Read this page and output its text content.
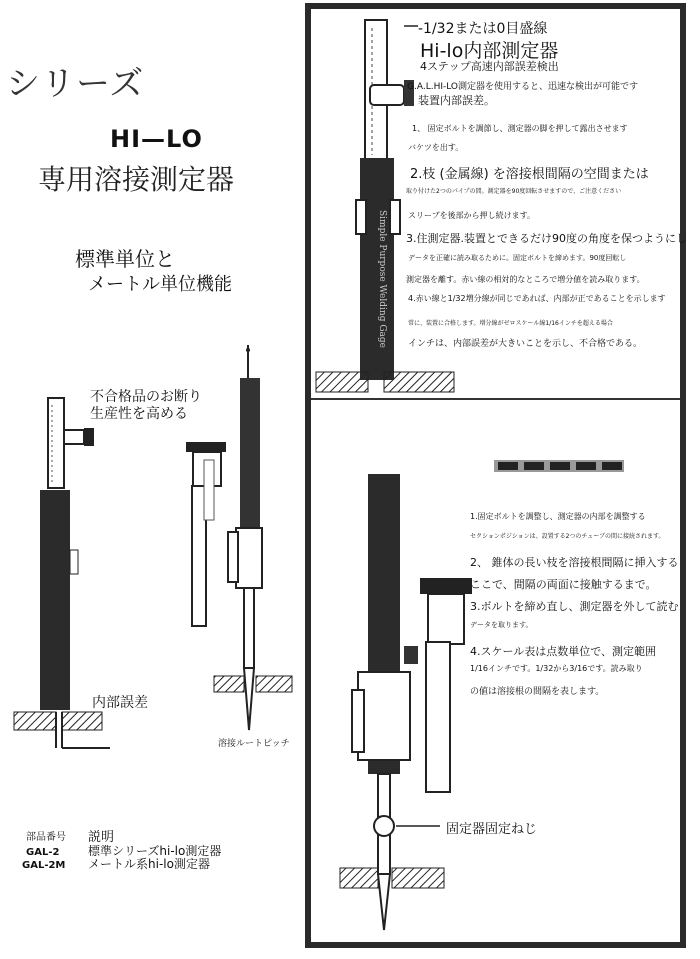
Simple Purpose Welding Gage
シリーズ
HI—LO
専用溶接測定器
標準単位と
メートル単位機能
不合格品のお断り
生産性を高める
内部誤差
溶接ルートピッチ
部品番号 説明
GAL-2 標準シリーズhi-lo測定器
GAL-2M メートル系hi-lo測定器
-1/32または0目盛線
Hi-lo内部測定器
4ステップ高速内部誤差検出
G.A.L.HI-LO測定器を使用すると、迅速な検出が可能です
装置内部誤差。
1、 固定ボルトを調節し、測定器の脚を押して露出させます
バケツを出す。
2.枝 (金属線) を溶接根間隔の空間または
取り付けた2つのパイプの間。測定器を90度回転させますので、ご注意ください
スリーブを後部から押し続けます。
3.住測定器.装置とできるだけ90度の角度を保つようにし
データを正確に読み取るために。固定ボルトを締めます。90度回転し
測定器を離す。赤い線の相対的なところで増分値を読み取ります。
4.赤い線と1/32増分線が同じであれば、内部が正であることを示します
常に、装置に合格します。増分線がゼロスケール線1/16インチを超える場合
インチは、内部誤差が大きいことを示し、不合格である。
1.固定ボルトを調整し、測定器の内部を調整する
セクションポジションは、設置する2つのチューブの間に接続されます。
2、 錐体の長い枝を溶接根間隔に挿入する
ここで、間隔の両面に接触するまで。
3.ボルトを締め直し、測定器を外して読む
データを取ります。
4.スケール表は点数単位で、測定範囲
1/16インチです。1/32から3/16です。読み取り
の値は溶接根の間隔を表します。
固定器固定ねじ
